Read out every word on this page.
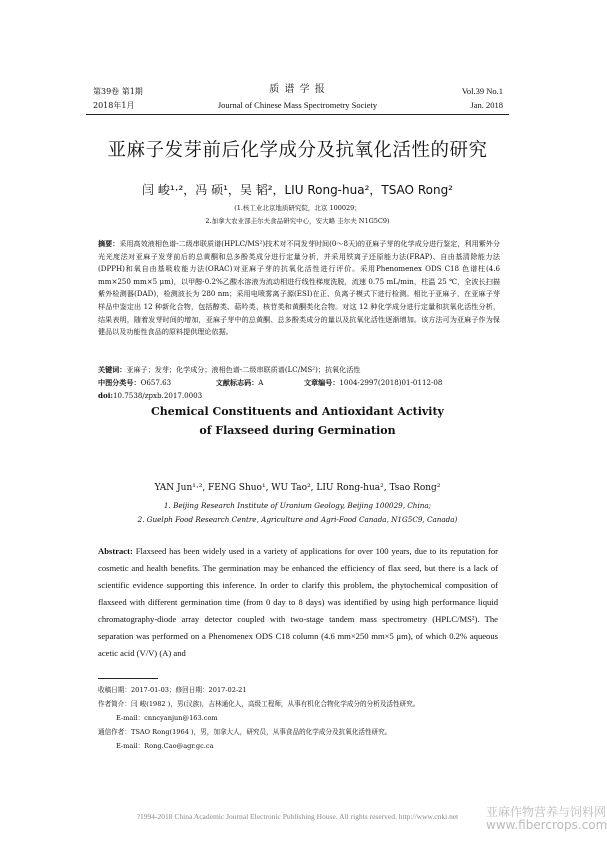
第39卷 第1期
2018年1月
质 谱 学 报
Journal of Chinese Mass Spectrometry Society
Vol.39 No.1
Jan. 2018
亚麻子发芽前后化学成分及抗氧化活性的研究
闫 峻¹·²，冯 硕¹，吴 韬²，LIU Rong-hua²，TSAO Rong²
(1.核工业北京地质研究院，北京 100029；
2.加拿大农业部圭尔夫食品研究中心，安大略 圭尔夫 N1G5C9)
摘要：采用高效液相色谱-二级串联质谱(HPLC/MS²)技术对不同发芽时间(0～8天)的亚麻子芽的化学成分进行鉴定，利用紫外分光光度法对亚麻子发芽前后的总黄酮和总多酚类成分进行定量分析，并采用铁离子还原能力法(FRAP)、自由基清除能力法(DPPH)和氧自由基吸收能力法(ORAC)对亚麻子芽的抗氧化活性进行评价。采用Phenomenex ODS C18 色谱柱(4.6 mm×250 mm×5 μm)，以甲醇-0.2%乙酸水溶液为流动相进行线性梯度洗脱，流速 0.75 mL/min，柱温 25 ℃，全波长扫描紫外检测器(DAD)，检测波长为 280 nm；采用电喷雾离子源(ESI)在正、负离子模式下进行检测。相比于亚麻子，在亚麻子芽样品中鉴定出 12 种新化合物，包括醇类、萜吟类、核苷类和黄酮类化合物。对这 12 种化学成分进行定量和抗氧化活性分析，结果表明，随着发芽时间的增加，亚麻子芽中的总黄酮、总多酚类成分的量以及抗氧化活性逐渐增加。该方法可为亚麻子作为保健品以及功能性食品的原料提供理论依据。
关键词：亚麻子；发芽；化学成分；液相色谱-二级串联质谱(LC/MS²)；抗氧化活性
中图分类号：O657.63	文献标志码：A	文章编号：1004-2997(2018)01-0112-08
doi:10.7538/zpxb.2017.0003
Chemical Constituents and Antioxidant Activity
of Flaxseed during Germination
YAN Jun¹·², FENG Shuo¹, WU Tao², LIU Rong-hua², Tsao Rong²
1. Beijing Research Institute of Uranium Geology, Beijing 100029, China;
2. Guelph Food Research Centre, Agriculture and Agri-Food Canada, N1G5C9, Canada)
Abstract: Flaxseed has been widely used in a variety of applications for over 100 years, due to its reputation for cosmetic and health benefits. The germination may be enhanced the efficiency of flax seed, but there is a lack of scientific evidence supporting this inference. In order to clarify this problem, the phytochemical composition of flaxseed with different germination time (from 0 day to 8 days) was identified by using high performance liquid chromatography-diode array detector coupled with two-stage tandem mass spectrometry (HPLC/MS²). The separation was performed on a Phenomenex ODS C18 column (4.6 mm×250 mm×5 μm), of which 0.2% aqueous acetic acid (V/V) (A) and
收稿日期：2017-01-03；修回日期：2017-02-21
作者简介：闫 峻(1982 )，男(汉族)，吉林通化人，高级工程师，从事有机化合物化学成分的分析及活性研究。
E-mail：cnncyanjun@163.com
通信作者：TSAO Rong(1964 )，男，加拿大人，研究员，从事食品的化学成分及抗氧化活性研究。
E-mail：Rong.Cao@agr.gc.ca
?1994-2018 China Academic Journal Electronic Publishing House. All rights reserved. http://www.cnki.net	亚麻作物营养与饲料网
www.fibercrops.com
